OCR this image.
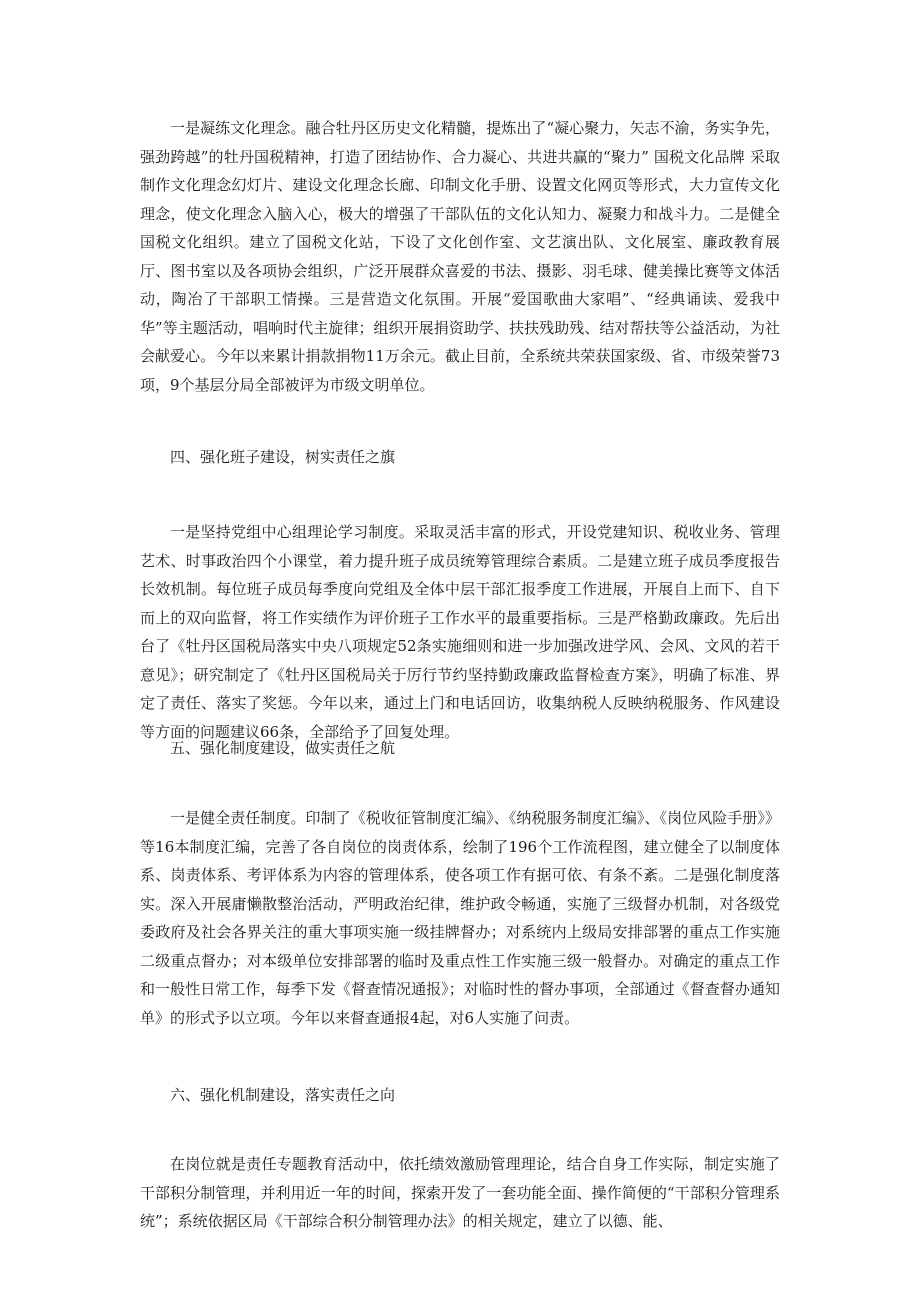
一是凝练文化理念。融合牡丹区历史文化精髓，提炼出了“凝心聚力，矢志不渝，务实争先，强劲跨越”的牡丹国税精神，打造了团结协作、合力凝心、共进共赢的“聚力” 国税文化品牌 采取制作文化理念幻灯片、建设文化理念长廊、印制文化手册、设置文化网页等形式，大力宣传文化理念，使文化理念入脑入心，极大的增强了干部队伍的文化认知力、凝聚力和战斗力。二是健全国税文化组织。建立了国税文化站，下设了文化创作室、文艺演出队、文化展室、廉政教育展厅、图书室以及各项协会组织，广泛开展群众喜爱的书法、摄影、羽毛球、健美操比赛等文体活动，陶冶了干部职工情操。三是营造文化氛围。开展“爱国歌曲大家唱”、“经典诵读、爱我中华”等主题活动，唱响时代主旋律；组织开展捐资助学、扶扶残助残、结对帮扶等公益活动，为社会献爱心。今年以来累计捐款捐物11万余元。截止目前，全系统共荣获国家级、省、市级荣誉73项，9个基层分局全部被评为市级文明单位。

四、强化班子建设，树实责任之旗

一是坚持党组中心组理论学习制度。采取灵活丰富的形式，开设党建知识、税收业务、管理艺术、时事政治四个小课堂，着力提升班子成员统筹管理综合素质。二是建立班子成员季度报告长效机制。每位班子成员每季度向党组及全体中层干部汇报季度工作进展，开展自上而下、自下而上的双向监督，将工作实绩作为评价班子工作水平的最重要指标。三是严格勤政廉政。先后出台了《牡丹区国税局落实中央八项规定52条实施细则和进一步加强改进学风、会风、文风的若干意见》；研究制定了《牡丹区国税局关于厉行节约坚持勤政廉政监督检查方案》，明确了标准、界定了责任、落实了奖惩。今年以来，通过上门和电话回访，收集纳税人反映纳税服务、作风建设等方面的问题建议66条，全部给予了回复处理。

五、强化制度建设，做实责任之航

一是健全责任制度。印制了《税收征管制度汇编》、《纳税服务制度汇编》、《岗位风险手册》》等16本制度汇编，完善了各自岗位的岗责体系，绘制了196个工作流程图，建立健全了以制度体系、岗责体系、考评体系为内容的管理体系，使各项工作有据可依、有条不紊。二是强化制度落实。深入开展庸懒散整治活动，严明政治纪律，维护政令畅通，实施了三级督办机制，对各级党委政府及社会各界关注的重大事项实施一级挂牌督办；对系统内上级局安排部署的重点工作实施二级重点督办；对本级单位安排部署的临时及重点性工作实施三级一般督办。对确定的重点工作和一般性日常工作，每季下发《督查情况通报》；对临时性的督办事项，全部通过《督查督办通知单》的形式予以立项。今年以来督查通报4起，对6人实施了问责。

六、强化机制建设，落实责任之向

在岗位就是责任专题教育活动中，依托绩效激励管理理论，结合自身工作实际，制定实施了干部积分制管理，并利用近一年的时间，探索开发了一套功能全面、操作简便的“干部积分管理系统”；系统依据区局《干部综合积分制管理办法》的相关规定，建立了以德、能、
